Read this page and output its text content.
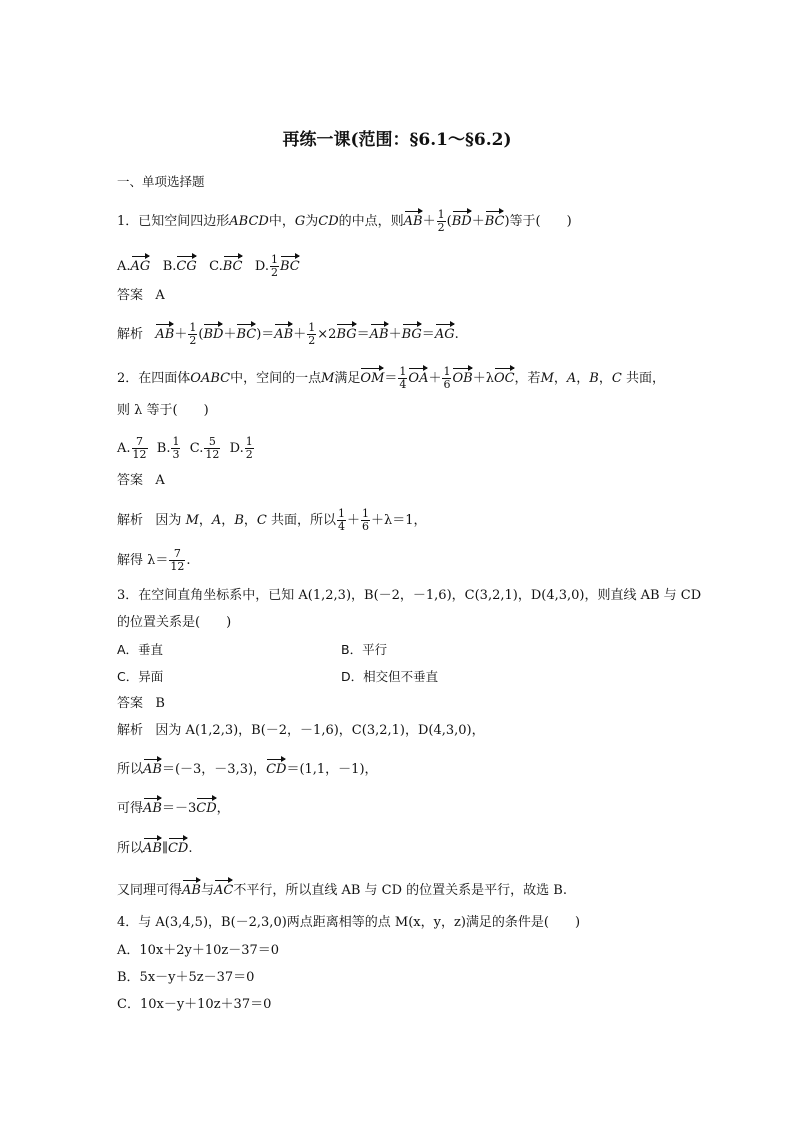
再练一课(范围：§6.1～§6.2)
一、单项选择题
1．已知空间四边形ABCD中，G为CD的中点，则$AB+ \frac{1}{2} (BD+BC)$等于(　　)
A.AG   B.CG   C.BC   D. $\frac{1}{2}$ BC
答案 A
解析 $AB+ \frac{1}{2} (BD+BC)=AB+ \frac{1}{2} \times 2BG=AB+BG=AG$.
2．在四面体OABC中，空间的一点M满足$OM= \frac{1}{4} OA+ \frac{1}{6} OB+\lambda OC$，若M，A，B，C 共面，
则 λ 等于(　　)
A. $\frac{7}{12} B$. $\frac{1}{3} C$. $\frac{5}{12} D$. $\frac{1}{2}$
答案 A
解析 因为 M，A，B，C 共面，所以 $\frac{1}{4} + \frac{1}{6} +\lambda=1$，
解得 $\lambda= \frac{7}{12}$ .
3．在空间直角坐标系中，已知 A(1,2,3)，B(－2，－1,6)，C(3,2,1)，D(4,3,0)，则直线 AB 与 CD
的位置关系是(　　)
A．垂直	B．平行
C．异面	D．相交但不垂直
答案 B
解析 因为 A(1,2,3)，B(－2，－1,6)，C(3,2,1)，D(4,3,0)，
所以AB＝(－3，－3,3)，CD＝(1,1，－1)，
可得AB＝－3CD，
所以AB∥CD.
又同理可得AB与AC不平行，所以直线 AB 与 CD 的位置关系是平行，故选 B.
4．与 A(3,4,5)，B(－2,3,0)两点距离相等的点 M(x，y，z)满足的条件是(　　)
A．10x＋2y＋10z－37＝0
B．5x－y＋5z－37＝0
C．10x－y＋10z＋37＝0
